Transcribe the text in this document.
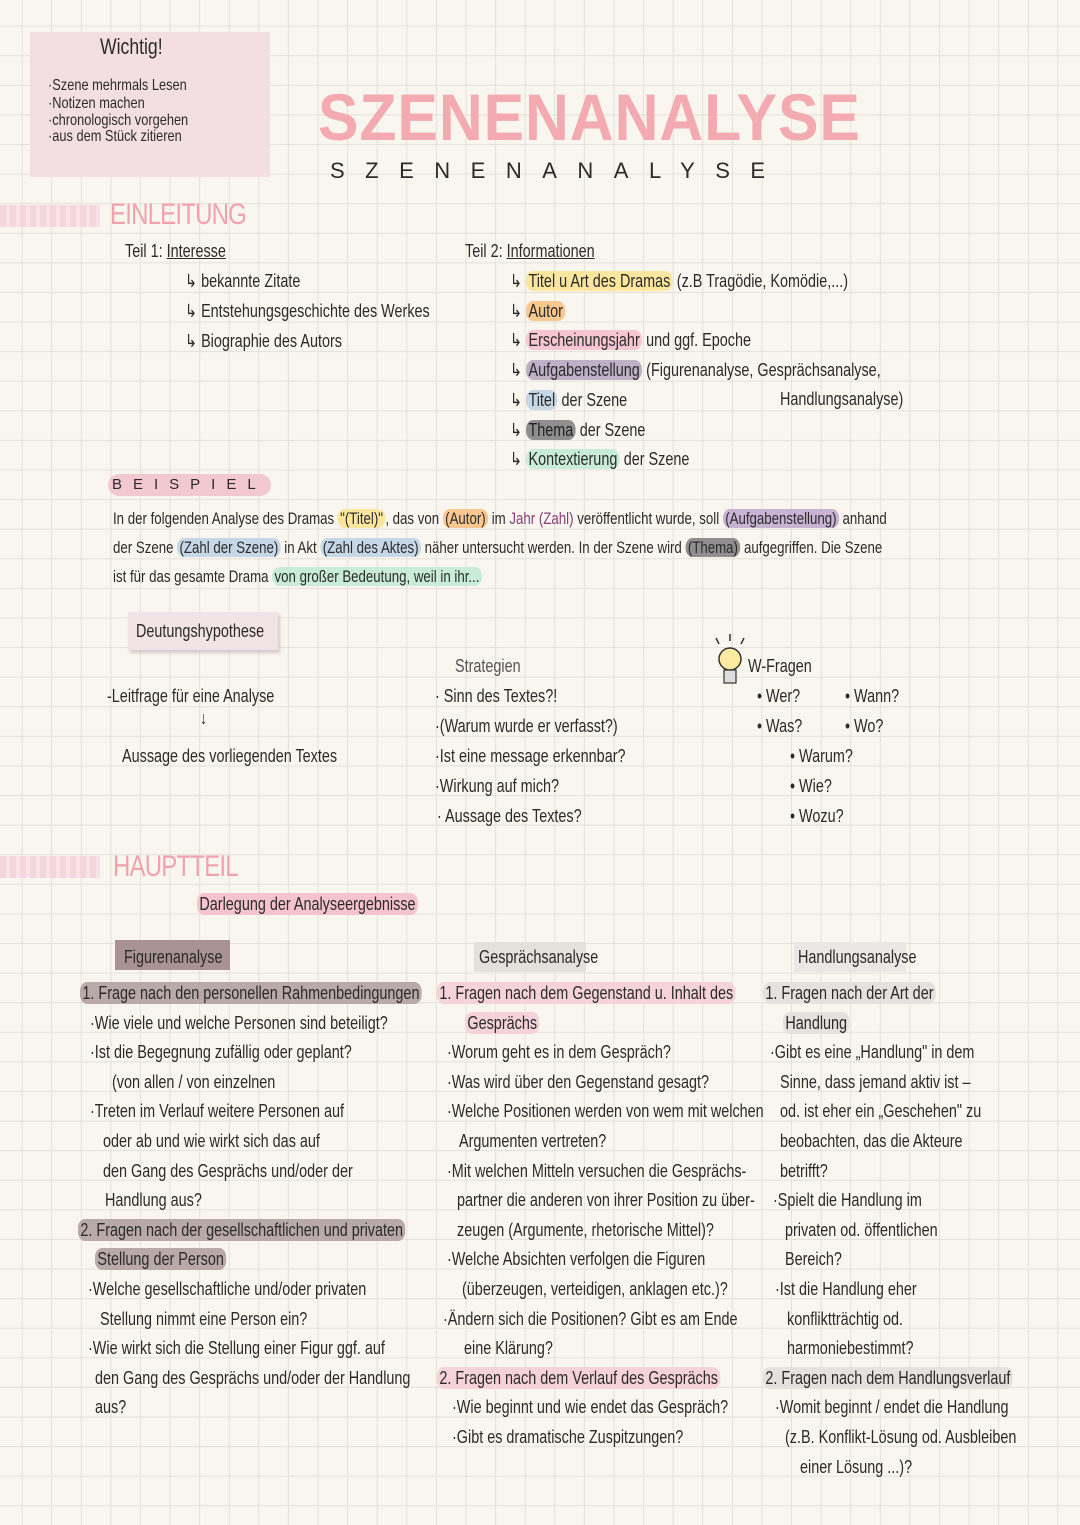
Wichtig!
·Szene mehrmals Lesen
·Notizen machen
·chronologisch vorgehen
·aus dem Stück zitieren SZENENANALYSE
SZENENANALYSE
EINLEITUNG
Teil 1: Interesse
↳ bekannte Zitate
↳ Entstehungsgeschichte des Werkes
↳ Biographie des Autors
Teil 2: Informationen
↳ Titel u Art des Dramas (z.B Tragödie, Komödie,...)
↳ Autor
↳ Erscheinungsjahr und ggf. Epoche
↳ Aufgabenstellung (Figurenanalyse, Gesprächsanalyse,
↳ Titel der Szene
↳ Thema der Szene
↳ Kontextierung der Szene
Handlungsanalyse)
BEISPIEL
In der folgenden Analyse des Dramas "(Titel)" , das von (Autor) im Jahr (Zahl) veröffentlicht wurde, soll (Aufgabenstellung) anhand
der Szene (Zahl der Szene) in Akt (Zahl des Aktes) näher untersucht werden. In der Szene wird (Thema) aufgegriffen. Die Szene
ist für das gesamte Drama von großer Bedeutung, weil in ihr...
Deutungshypothese
-Leitfrage für eine Analyse
↓
Aussage des vorliegenden Textes
Strategien
· Sinn des Textes?!
·(Warum wurde er verfasst?)
·Ist eine message erkennbar?
·Wirkung auf mich?
· Aussage des Textes?
W-Fragen
• Wer? • Wann?
• Was? • Wo?
• Warum?
• Wie?
• Wozu?
HAUPTTEIL
Darlegung der Analyseergebnisse
Figurenanalyse	Gesprächsanalyse	Handlungsanalyse
1. Frage nach den personellen Rahmenbedingungen
·Wie viele und welche Personen sind beteiligt?
·Ist die Begegnung zufällig oder geplant?
(von allen / von einzelnen
·Treten im Verlauf weitere Personen auf
oder ab und wie wirkt sich das auf
den Gang des Gesprächs und/oder der
Handlung aus?
2. Fragen nach der gesellschaftlichen und privaten
Stellung der Person
·Welche gesellschaftliche und/oder privaten
Stellung nimmt eine Person ein?
·Wie wirkt sich die Stellung einer Figur ggf. auf
den Gang des Gesprächs und/oder der Handlung
aus?
1. Fragen nach dem Gegenstand u. Inhalt des
Gesprächs
·Worum geht es in dem Gespräch?
·Was wird über den Gegenstand gesagt?
·Welche Positionen werden von wem mit welchen
Argumenten vertreten?
·Mit welchen Mitteln versuchen die Gesprächs-
partner die anderen von ihrer Position zu über-
zeugen (Argumente, rhetorische Mittel)?
·Welche Absichten verfolgen die Figuren
(überzeugen, verteidigen, anklagen etc.)?
·Ändern sich die Positionen? Gibt es am Ende
eine Klärung?
2. Fragen nach dem Verlauf des Gesprächs
·Wie beginnt und wie endet das Gespräch?
·Gibt es dramatische Zuspitzungen?
1. Fragen nach der Art der
Handlung
·Gibt es eine „Handlung" in dem
Sinne, dass jemand aktiv ist –
od. ist eher ein „Geschehen" zu
beobachten, das die Akteure
betrifft?
·Spielt die Handlung im
privaten od. öffentlichen
Bereich?
·Ist die Handlung eher
konfliktträchtig od.
harmoniebestimmt?
2. Fragen nach dem Handlungsverlauf
·Womit beginnt / endet die Handlung
(z.B. Konflikt-Lösung od. Ausbleiben
einer Lösung ...)?
